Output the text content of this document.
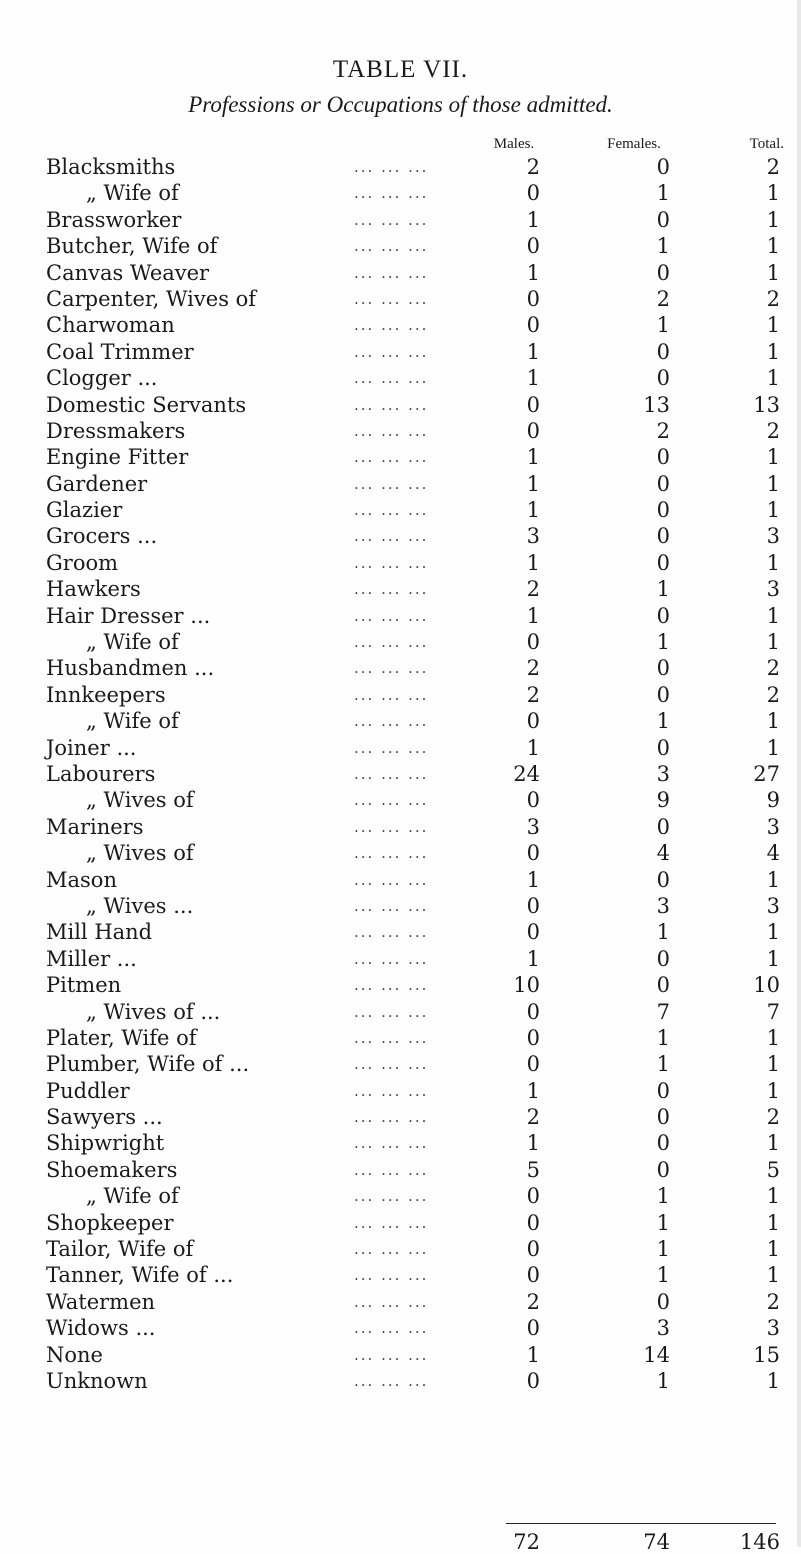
TABLE VII.
Professions or Occupations of those admitted.
Males.	Females.	Total.
Blacksmiths	... ... ...	2	0	2
„ Wife of	... ... ...	0	1	1
Brassworker	... ... ...	1	0	1
Butcher, Wife of	... ... ...	0	1	1
Canvas Weaver	... ... ...	1	0	1
Carpenter, Wives of	... ... ...	0	2	2
Charwoman	... ... ...	0	1	1
Coal Trimmer	... ... ...	1	0	1
Clogger ...	... ... ...	1	0	1
Domestic Servants	... ... ...	0	13	13
Dressmakers	... ... ...	0	2	2
Engine Fitter	... ... ...	1	0	1
Gardener	... ... ...	1	0	1
Glazier	... ... ...	1	0	1
Grocers ...	... ... ...	3	0	3
Groom	... ... ...	1	0	1
Hawkers	... ... ...	2	1	3
Hair Dresser ...	... ... ...	1	0	1
„ Wife of	... ... ...	0	1	1
Husbandmen ...	... ... ...	2	0	2
Innkeepers	... ... ...	2	0	2
„ Wife of	... ... ...	0	1	1
Joiner ...	... ... ...	1	0	1
Labourers	... ... ...	24	3	27
„ Wives of	... ... ...	0	9	9
Mariners	... ... ...	3	0	3
„ Wives of	... ... ...	0	4	4
Mason	... ... ...	1	0	1
„ Wives ...	... ... ...	0	3	3
Mill Hand	... ... ...	0	1	1
Miller ...	... ... ...	1	0	1
Pitmen	... ... ...	10	0	10
„ Wives of ...	... ... ...	0	7	7
Plater, Wife of	... ... ...	0	1	1
Plumber, Wife of ...	... ... ...	0	1	1
Puddler	... ... ...	1	0	1
Sawyers ...	... ... ...	2	0	2
Shipwright	... ... ...	1	0	1
Shoemakers	... ... ...	5	0	5
„ Wife of	... ... ...	0	1	1
Shopkeeper	... ... ...	0	1	1
Tailor, Wife of	... ... ...	0	1	1
Tanner, Wife of ...	... ... ...	0	1	1
Watermen	... ... ...	2	0	2
Widows ...	... ... ...	0	3	3
None	... ... ...	1	14	15
Unknown	... ... ...	0	1	1
72	74	146
